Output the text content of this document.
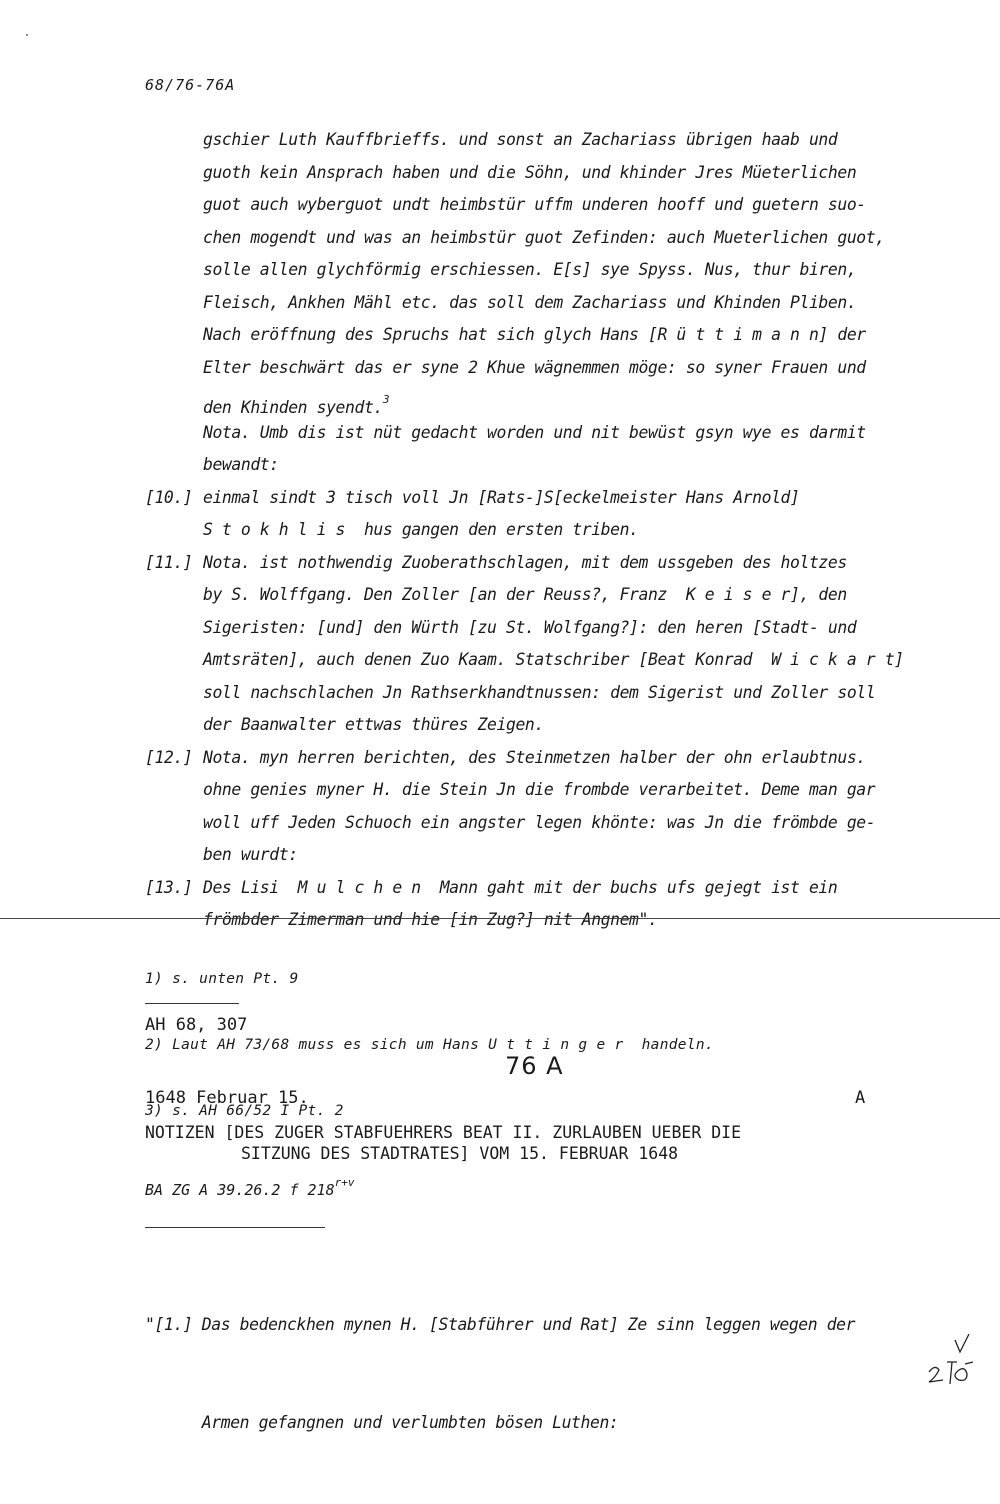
68/76-76A
gschier Luth Kauffbrieffs. und sonst an Zachariass übrigen haab und
guoth kein Ansprach haben und die Söhn, und khinder Jres Müeterlichen
guot auch wyberguot undt heimbstür uffm underen hooff und guetern suo-
chen mogendt und was an heimbstür guot Zefinden: auch Mueterlichen guot,
solle allen glychförmig erschiessen. E[s] sye Spyss. Nus, thur biren,
Fleisch, Ankhen Mähl etc. das soll dem Zachariass und Khinden Pliben.
Nach eröffnung des Spruchs hat sich glych Hans [R ü t t i m a n n] der
Elter beschwärt das er syne 2 Khue wägnemmen möge: so syner Frauen und
den Khinden syendt.$^3$
Nota. Umb dis ist nüt gedacht worden und nit bewüst gsyn wye es darmit
bewandt:
[10.] einmal sindt 3 tisch voll Jn [Rats-]S[eckelmeister Hans Arnold]
S t o k h l i s  hus gangen den ersten triben.
[11.] Nota. ist nothwendig Zuoberathschlagen, mit dem ussgeben des holtzes
by S. Wolffgang. Den Zoller [an der Reuss?, Franz  K e i s e r], den
Sigeristen: [und] den Würth [zu St. Wolfgang?]: den heren [Stadt- und
Amtsräten], auch denen Zuo Kaam. Statschriber [Beat Konrad  W i c k a r t]
soll nachschlachen Jn Rathserkhandtnussen: dem Sigerist und Zoller soll
der Baanwalter ettwas thüres Zeigen.
[12.] Nota. myn herren berichten, des Steinmetzen halber der ohn erlaubtnus.
ohne genies myner H. die Stein Jn die frombde verarbeitet. Deme man gar
woll uff Jeden Schuoch ein angster legen khönte: was Jn die frömbde ge-
ben wurdt:
[13.] Des Lisi  M u l c h e n  Mann gaht mit der buchs ufs gejegt ist ein
frömbder Zimerman und hie [in Zug?] nit Angnem".

1) s. unten Pt. 9

2) Laut AH 73/68 muss es sich um Hans U t t i n g e r  handeln.

3) s. AH 66/52 I Pt. 2

AH 68, 307
76 A
1648 Februar 15.	A
NOTIZEN [DES ZUGER STABFUEHRERS BEAT II. ZURLAUBEN UEBER DIE
SITZUNG DES STADTRATES] VOM 15. FEBRUAR 1648
BA ZG A 39.26.2 f $218^{r+v}$

"[1.] Das bedenckhen mynen H. [Stabführer und Rat] Ze sinn leggen wegen der

Armen gefangnen und verlumbten bösen Luthen:
